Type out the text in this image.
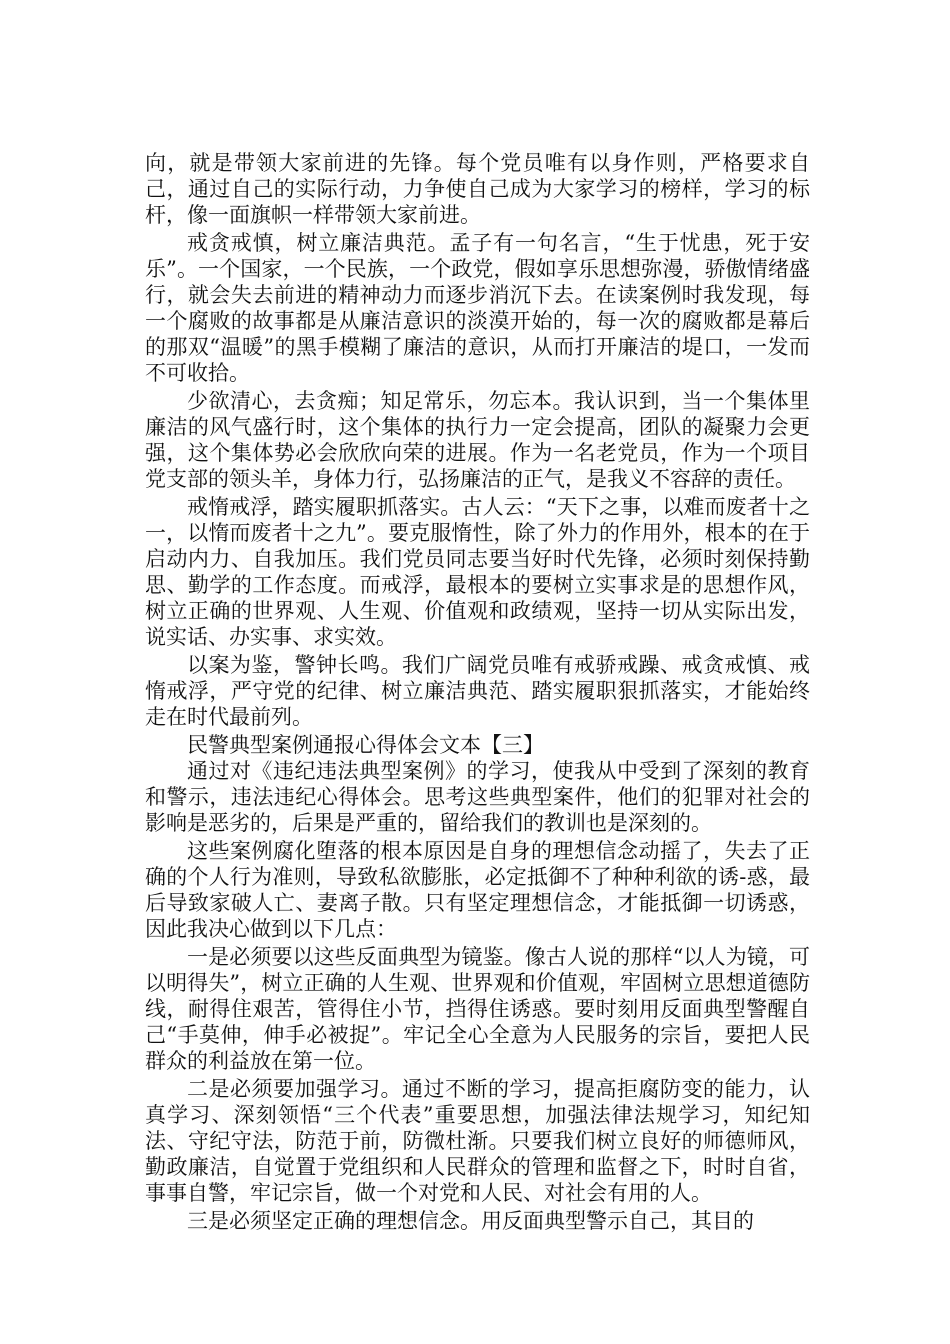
向，就是带领大家前进的先锋。每个党员唯有以身作则，严格要求自己，通过自己的实际行动，力争使自己成为大家学习的榜样，学习的标杆，像一面旗帜一样带领大家前进。

戒贪戒慎，树立廉洁典范。孟子有一句名言，“生于忧患，死于安乐”。一个国家，一个民族，一个政党，假如享乐思想弥漫，骄傲情绪盛行，就会失去前进的精神动力而逐步消沉下去。在读案例时我发现，每一个腐败的故事都是从廉洁意识的淡漠开始的，每一次的腐败都是幕后的那双“温暖”的黑手模糊了廉洁的意识，从而打开廉洁的堤口，一发而不可收拾。

少欲清心，去贪痴；知足常乐，勿忘本。我认识到，当一个集体里廉洁的风气盛行时，这个集体的执行力一定会提高，团队的凝聚力会更强，这个集体势必会欣欣向荣的进展。作为一名老党员，作为一个项目党支部的领头羊，身体力行，弘扬廉洁的正气，是我义不容辞的责任。

戒惰戒浮，踏实履职抓落实。古人云：“天下之事，以难而废者十之一，以惰而废者十之九”。要克服惰性，除了外力的作用外，根本的在于启动内力、自我加压。我们党员同志要当好时代先锋，必须时刻保持勤思、勤学的工作态度。而戒浮，最根本的要树立实事求是的思想作风，树立正确的世界观、人生观、价值观和政绩观，坚持一切从实际出发，说实话、办实事、求实效。

以案为鉴，警钟长鸣。我们广阔党员唯有戒骄戒躁、戒贪戒慎、戒惰戒浮，严守党的纪律、树立廉洁典范、踏实履职狠抓落实，才能始终走在时代最前列。

民警典型案例通报心得体会文本【三】

通过对《违纪违法典型案例》的学习，使我从中受到了深刻的教育和警示，违法违纪心得体会。思考这些典型案件，他们的犯罪对社会的影响是恶劣的，后果是严重的，留给我们的教训也是深刻的。

这些案例腐化堕落的根本原因是自身的理想信念动摇了，失去了正确的个人行为准则，导致私欲膨胀，必定抵御不了种种利欲的诱-惑，最后导致家破人亡、妻离子散。只有坚定理想信念，才能抵御一切诱惑，因此我决心做到以下几点：

一是必须要以这些反面典型为镜鉴。像古人说的那样“以人为镜，可以明得失”，树立正确的人生观、世界观和价值观，牢固树立思想道德防线，耐得住艰苦，管得住小节，挡得住诱惑。要时刻用反面典型警醒自己“手莫伸，伸手必被捉”。牢记全心全意为人民服务的宗旨，要把人民群众的利益放在第一位。

二是必须要加强学习。通过不断的学习，提高拒腐防变的能力，认真学习、深刻领悟“三个代表”重要思想，加强法律法规学习，知纪知法、守纪守法，防范于前，防微杜渐。只要我们树立良好的师德师风，勤政廉洁，自觉置于党组织和人民群众的管理和监督之下，时时自省，事事自警，牢记宗旨，做一个对党和人民、对社会有用的人。

三是必须坚定正确的理想信念。用反面典型警示自己，其目的
